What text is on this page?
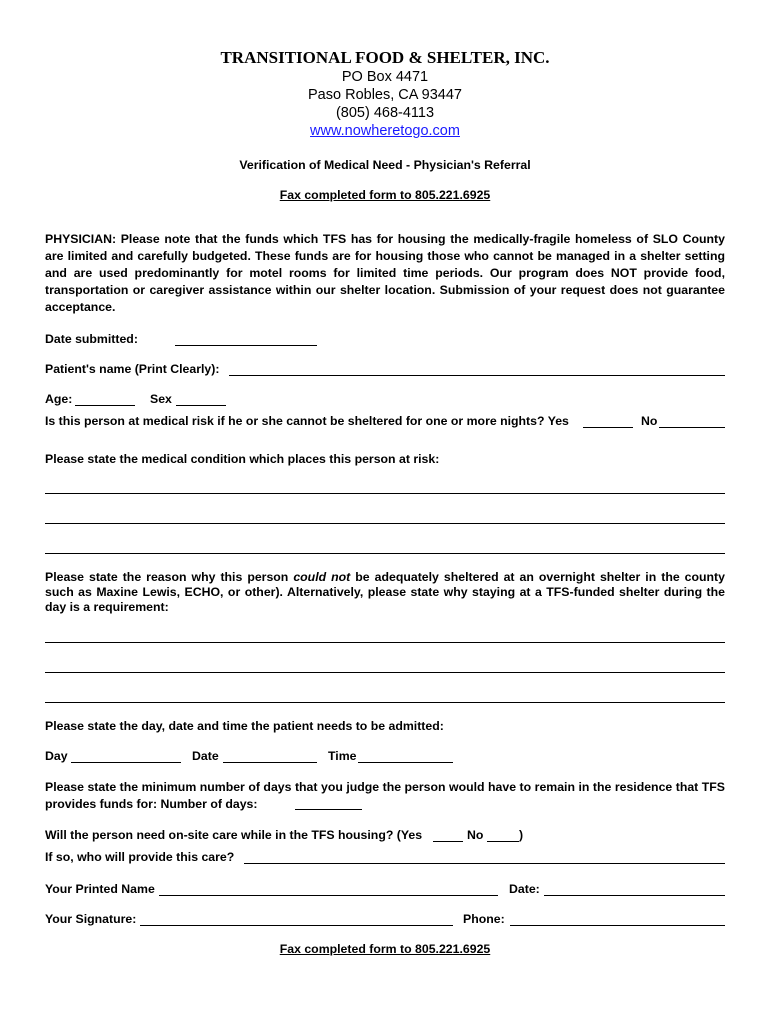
TRANSITIONAL FOOD & SHELTER, INC.
PO Box 4471
Paso Robles, CA 93447
(805) 468-4113
www.nowheretogo.com
Verification of Medical Need - Physician's Referral
Fax completed form to 805.221.6925
PHYSICIAN: Please note that the funds which TFS has for housing the medically-fragile homeless of SLO County are limited and carefully budgeted. These funds are for housing those who cannot be managed in a shelter setting and are used predominantly for motel rooms for limited time periods. Our program does NOT provide food, transportation or caregiver assistance within our shelter location. Submission of your request does not guarantee acceptance.
Date submitted:
Patient's name (Print Clearly):
Age:	Sex
Is this person at medical risk if he or she cannot be sheltered for one or more nights? Yes	No
Please state the medical condition which places this person at risk:
Please state the reason why this person could not be adequately sheltered at an overnight shelter in the county such as Maxine Lewis, ECHO, or other). Alternatively, please state why staying at a TFS-funded shelter during the day is a requirement:
Please state the day, date and time the patient needs to be admitted:
Day	Date	Time
Please state the minimum number of days that you judge the person would have to remain in the residence that TFS provides funds for: Number of days:
Will the person need on-site care while in the TFS housing? (Yes	No	)
If so, who will provide this care?
Your Printed Name	Date:
Your Signature:	Phone:
Fax completed form to 805.221.6925
